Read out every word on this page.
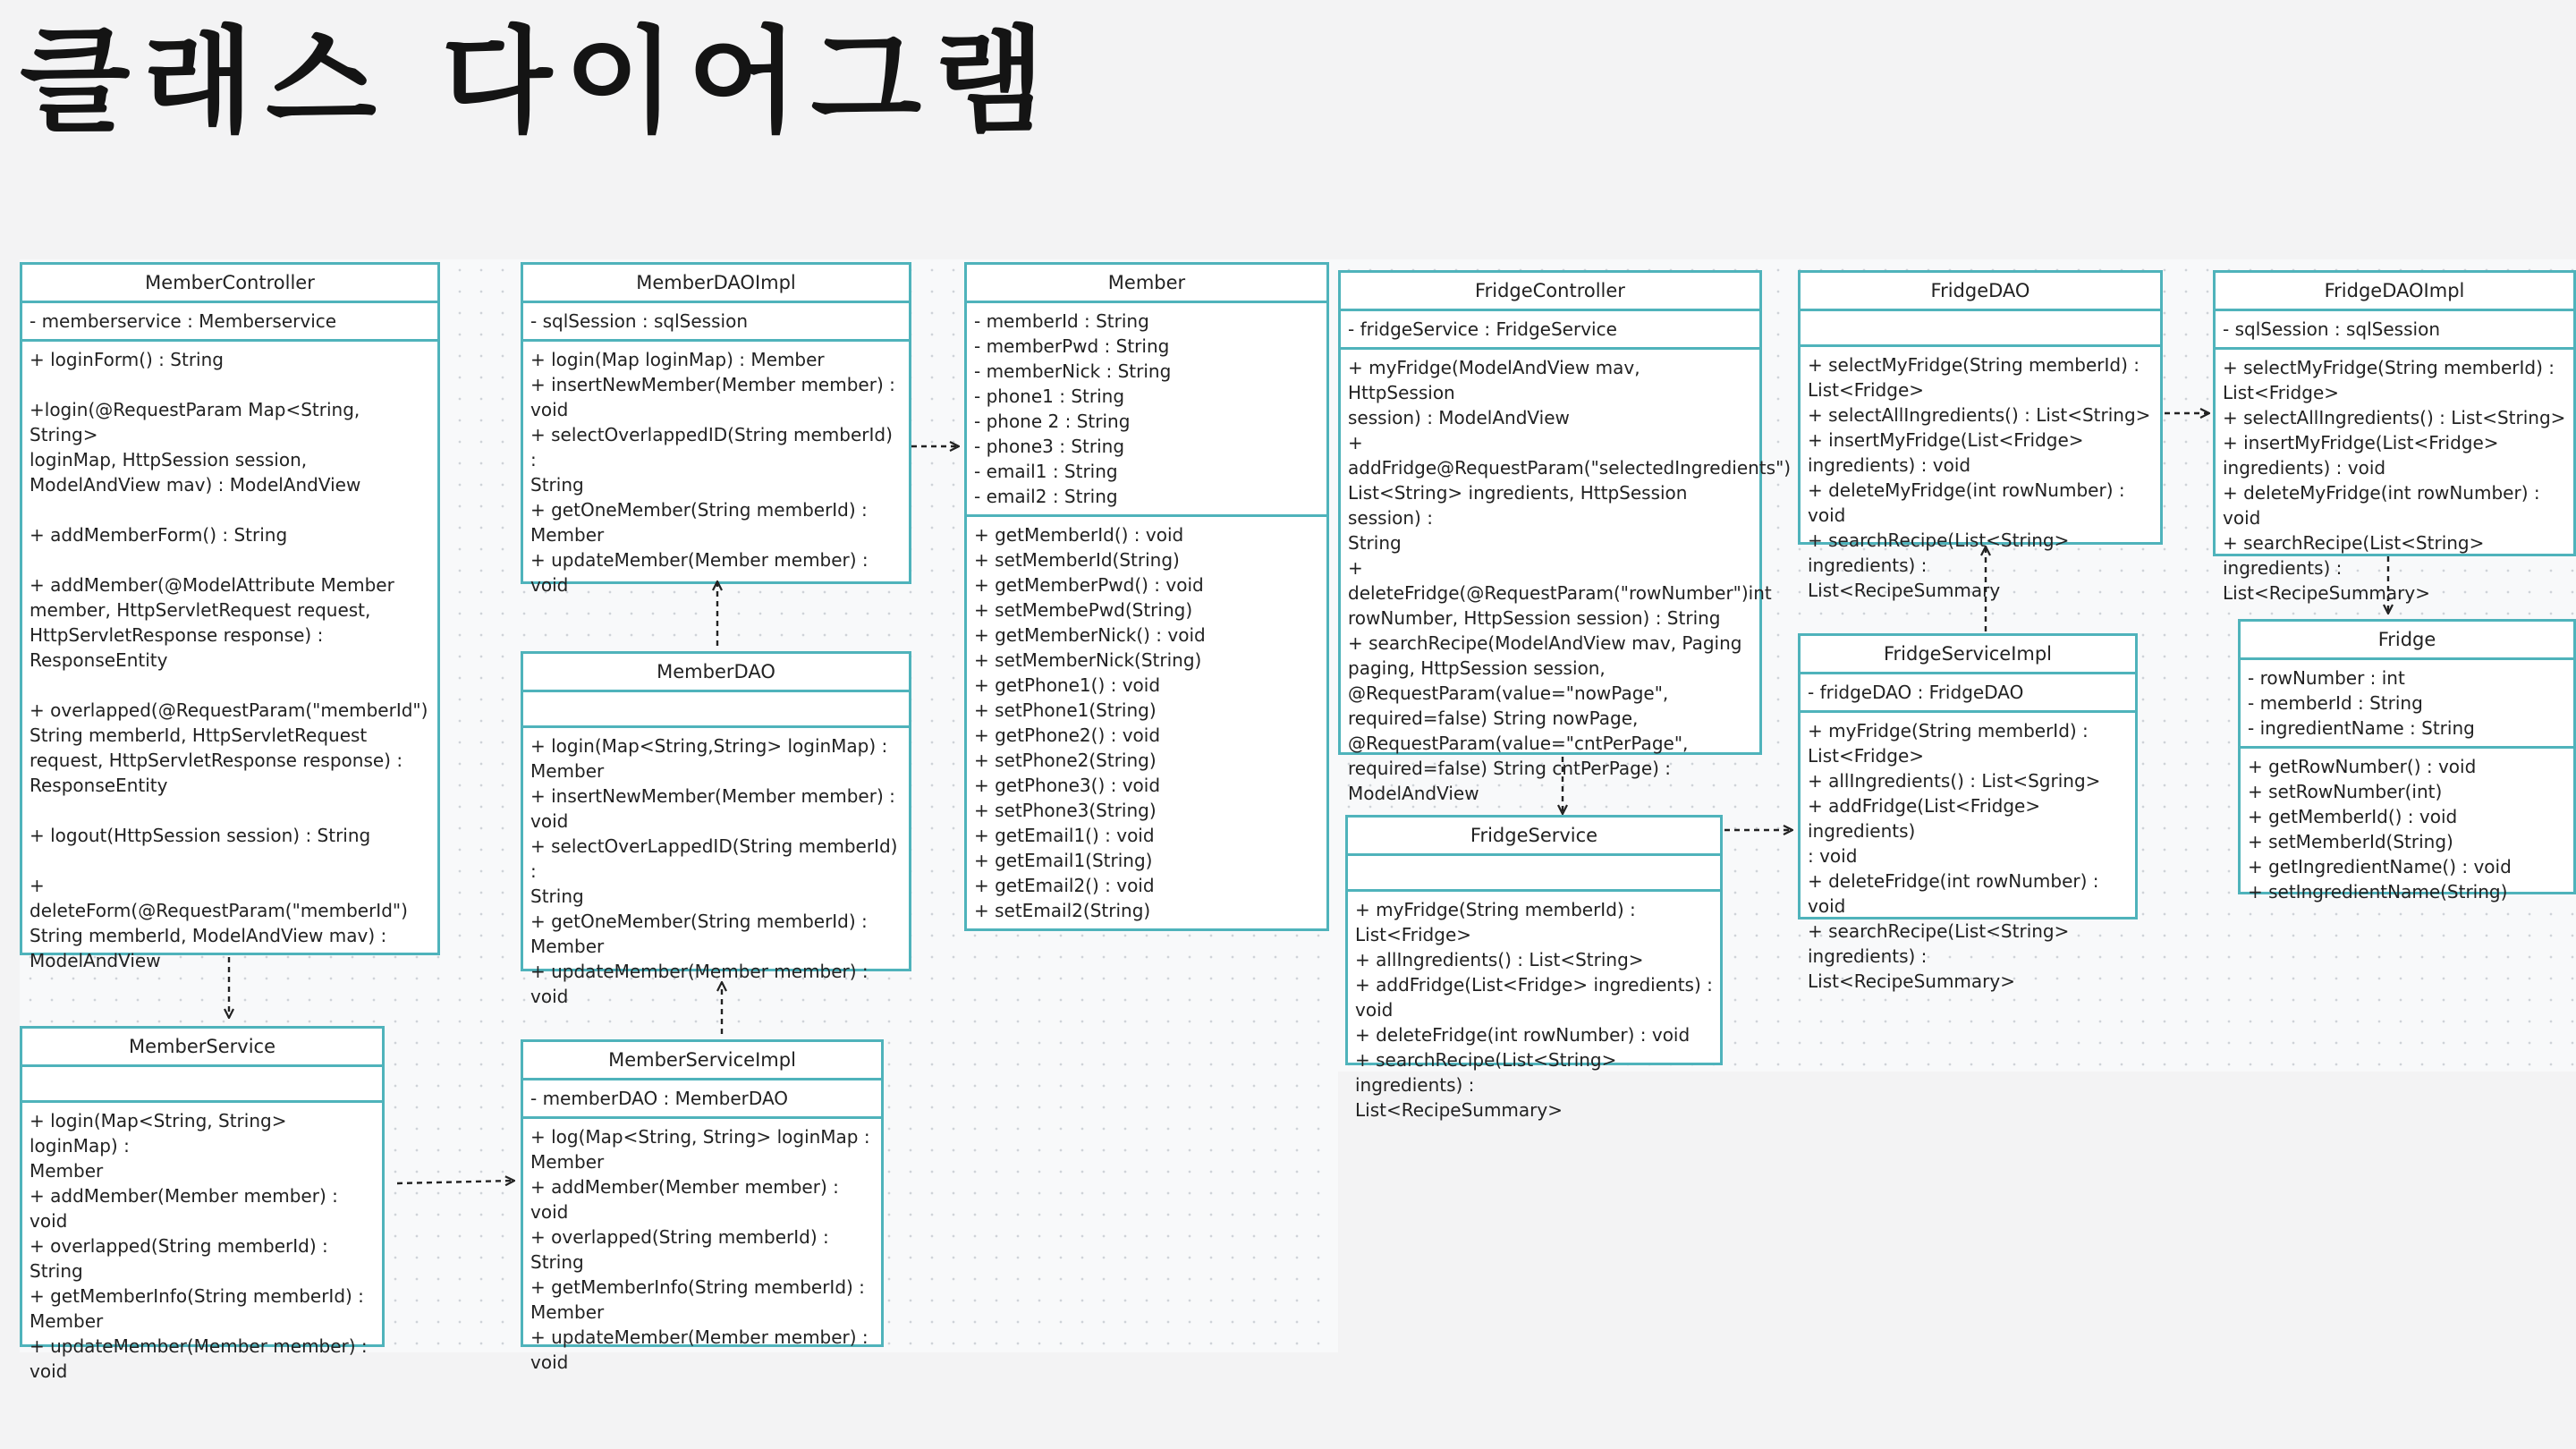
클래스 다이어그램
MemberController
- memberservice : Memberservice
+ loginForm() : String
+login(@RequestParam Map<String, String>
loginMap, HttpSession session,
ModelAndView mav) : ModelAndView
+ addMemberForm() : String
+ addMember(@ModelAttribute Member
member, HttpServletRequest request,
HttpServletResponse response) :
ResponseEntity
+ overlapped(@RequestParam("memberId")
String memberId, HttpServletRequest
request, HttpServletResponse response) :
ResponseEntity
+ logout(HttpSession session) : String
+
deleteForm(@RequestParam("memberId")
String memberId, ModelAndView mav) :
ModelAndView
MemberService
+ login(Map<String, String> loginMap) :
Member
+ addMember(Member member) : void
+ overlapped(String memberId) : String
+ getMemberInfo(String memberId) :
Member
+ updateMember(Member member) :
void
MemberDAOImpl
- sqlSession : sqlSession
+ login(Map loginMap) : Member
+ insertNewMember(Member member) :
void
+ selectOverlappedID(String memberId) :
String
+ getOneMember(String memberId) :
Member
+ updateMember(Member member) :
void
MemberDAO
+ login(Map<String,String> loginMap) :
Member
+ insertNewMember(Member member) :
void
+ selectOverLappedID(String memberId) :
String
+ getOneMember(String memberId) :
Member
+ updateMember(Member member) : void
MemberServiceImpl
- memberDAO : MemberDAO
+ log(Map<String, String> loginMap :
Member
+ addMember(Member member) : void
+ overlapped(String memberId) : String
+ getMemberInfo(String memberId) :
Member
+ updateMember(Member member) :
void
Member
- memberId : String
- memberPwd : String
- memberNick : String
- phone1 : String
- phone 2 : String
- phone3 : String
- email1 : String
- email2 : String
+ getMemberId() : void
+ setMemberId(String)
+ getMemberPwd() : void
+ setMembePwd(String)
+ getMemberNick() : void
+ setMemberNick(String)
+ getPhone1() : void
+ setPhone1(String)
+ getPhone2() : void
+ setPhone2(String)
+ getPhone3() : void
+ setPhone3(String)
+ getEmail1() : void
+ getEmail1(String)
+ getEmail2() : void
+ setEmail2(String)
FridgeController
- fridgeService : FridgeService
+ myFridge(ModelAndView mav, HttpSession
session) : ModelAndView
+
addFridge@RequestParam("selectedIngredients")
List<String> ingredients, HttpSession session) :
String
+ deleteFridge(@RequestParam("rowNumber")int
rowNumber, HttpSession session) : String
+ searchRecipe(ModelAndView mav, Paging
paging, HttpSession session,
@RequestParam(value="nowPage",
required=false) String nowPage,
@RequestParam(value="cntPerPage",
required=false) String cntPerPage) :
ModelAndView
FridgeService
+ myFridge(String memberId) : List<Fridge>
+ allIngredients() : List<String>
+ addFridge(List<Fridge> ingredients) : void
+ deleteFridge(int rowNumber) : void
+ searchRecipe(List<String> ingredients) :
List<RecipeSummary>
FridgeDAO
+ selectMyFridge(String memberId) :
List<Fridge>
+ selectAllIngredients() : List<String>
+ insertMyFridge(List<Fridge>
ingredients) : void
+ deleteMyFridge(int rowNumber) : void
+ searchRecipe(List<String> ingredients) :
List<RecipeSummary
FridgeServiceImpl
- fridgeDAO : FridgeDAO
+ myFridge(String memberId) :
List<Fridge>
+ allIngredients() : List<Sgring>
+ addFridge(List<Fridge> ingredients)
: void
+ deleteFridge(int rowNumber) : void
+ searchRecipe(List<String>
ingredients) : List<RecipeSummary>
FridgeDAOImpl
- sqlSession : sqlSession
+ selectMyFridge(String memberId) :
List<Fridge>
+ selectAllIngredients() : List<String>
+ insertMyFridge(List<Fridge>
ingredients) : void
+ deleteMyFridge(int rowNumber) : void
+ searchRecipe(List<String> ingredients) :
List<RecipeSummary>
Fridge
- rowNumber : int
- memberId : String
- ingredientName : String
+ getRowNumber() : void
+ setRowNumber(int)
+ getMemberId() : void
+ setMemberId(String)
+ getIngredientName() : void
+ setIngredientName(String)
